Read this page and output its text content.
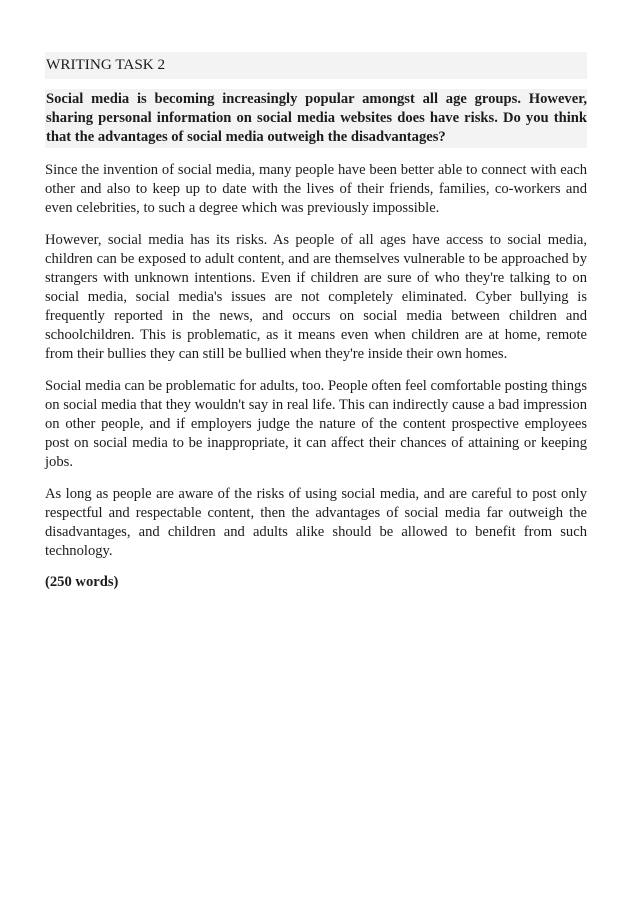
WRITING TASK 2
Social media is becoming increasingly popular amongst all age groups. However, sharing personal information on social media websites does have risks. Do you think that the advantages of social media outweigh the disadvantages?

Since the invention of social media, many people have been better able to connect with each other and also to keep up to date with the lives of their friends, families, co-workers and even celebrities, to such a degree which was previously impossible.

However, social media has its risks. As people of all ages have access to social media, children can be exposed to adult content, and are themselves vulnerable to be approached by strangers with unknown intentions. Even if children are sure of who they're talking to on social media, social media's issues are not completely eliminated. Cyber bullying is frequently reported in the news, and occurs on social media between children and schoolchildren. This is problematic, as it means even when children are at home, remote from their bullies they can still be bullied when they're inside their own homes.

Social media can be problematic for adults, too. People often feel comfortable posting things on social media that they wouldn't say in real life. This can indirectly cause a bad impression on other people, and if employers judge the nature of the content prospective employees post on social media to be inappropriate, it can affect their chances of attaining or keeping jobs.

As long as people are aware of the risks of using social media, and are careful to post only respectful and respectable content, then the advantages of social media far outweigh the disadvantages, and children and adults alike should be allowed to benefit from such technology.

(250 words)
